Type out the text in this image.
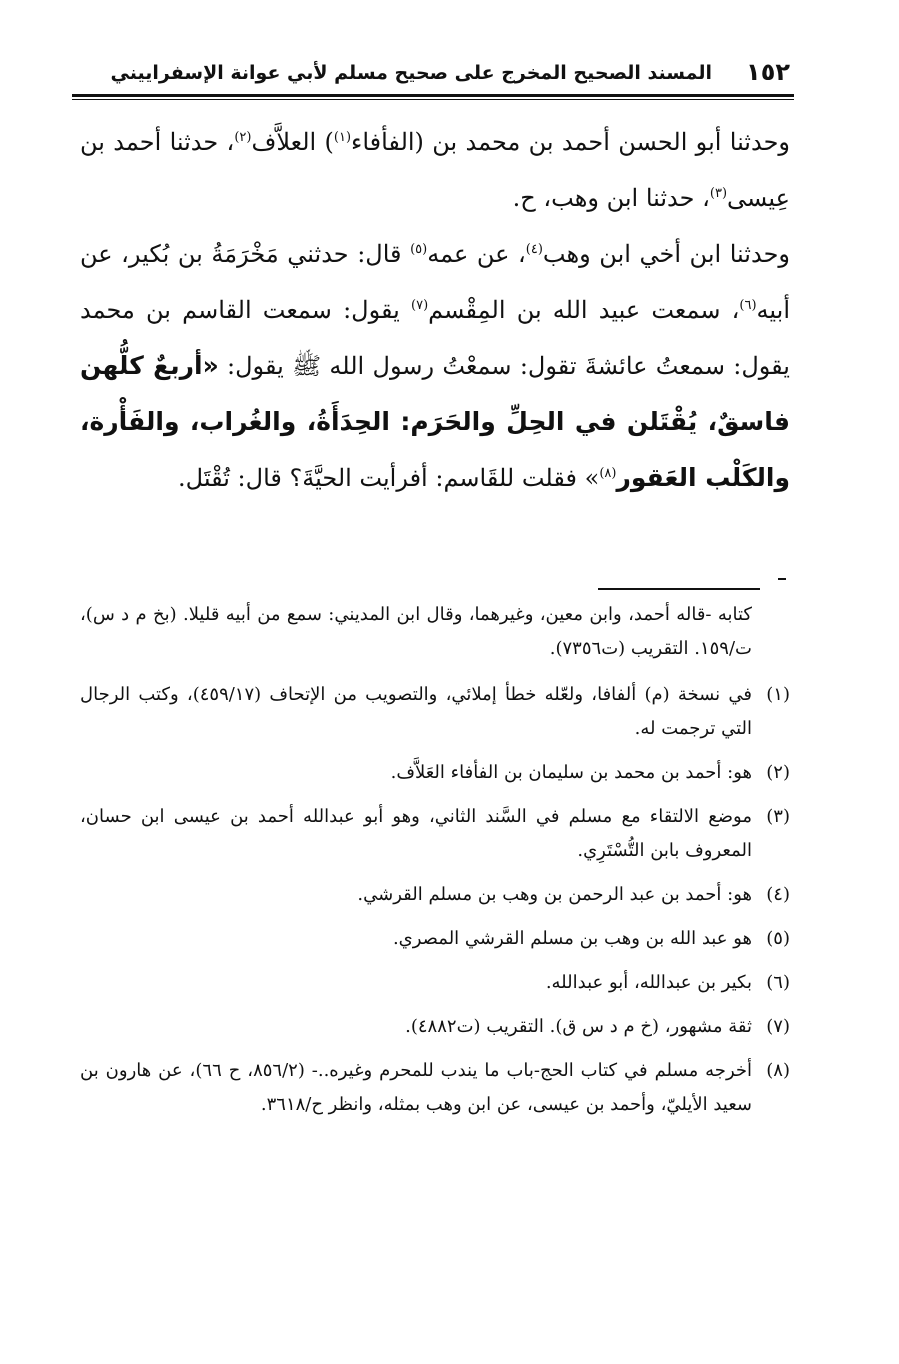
١٥٢
المسند الصحيح المخرج على صحيح مسلم لأبي عوانة الإسفراييني

وحدثنا أبو الحسن أحمد بن محمد بن (الفأفاء$^{(١)}$) العلاَّف$^{(٢)}$، حدثنا أحمد بن عِيسى$^{(٣)}$، حدثنا ابن وهب، ح.

وحدثنا ابن أخي ابن وهب$^{(٤)}$، عن عمه$^{(٥)}$ قال: حدثني مَخْرَمَةُ بن بُكير، عن أبيه$^{(٦)}$، سمعت عبيد الله بن المِقْسم$^{(٧)}$ يقول: سمعت القاسم بن محمد يقول: سمعتُ عائشةَ تقول: سمعْتُ رسول الله ﷺ يقول: «أربعٌ كلُّهن فاسقٌ، يُقْتَلن في الحِلِّ والحَرَم: الحِدَأَةُ، والغُراب، والفَأْرة، والكَلْب العَقور$^{(٨)}$» فقلت للقَاسم: أفرأيت الحيَّةَ؟ قال: تُقْتَل.

كتابه -قاله أحمد، وابن معين، وغيرهما، وقال ابن المديني: سمع من أبيه قليلا. (بخ م د س)، ت/١٥٩. التقريب (ت٧٣٥٦).

(١)
في نسخة (م) ألفافا، ولعّله خطأ إملائي، والتصويب من الإتحاف (٤٥٩/١٧)، وكتب الرجال التي ترجمت له.

(٢)
هو: أحمد بن محمد بن سليمان بن الفأفاء العَلاَّف.

(٣)
موضع الالتقاء مع مسلم في السَّند الثاني، وهو أبو عبدالله أحمد بن عيسى ابن حسان، المعروف بابن التُّسْتَرِي.

(٤)
هو: أحمد بن عبد الرحمن بن وهب بن مسلم القرشي.

(٥)
هو عبد الله بن وهب بن مسلم القرشي المصري.

(٦)
بكير بن عبدالله، أبو عبدالله.

(٧)
ثقة مشهور، (خ م د س ق). التقريب (ت٤٨٨٢).

(٨)
أخرجه مسلم في كتاب الحج-باب ما يندب للمحرم وغيره..- (٨٥٦/٢، ح ٦٦)، عن هارون بن سعيد الأيليّ، وأحمد بن عيسى، عن ابن وهب بمثله، وانظر ح/٣٦١٨.
